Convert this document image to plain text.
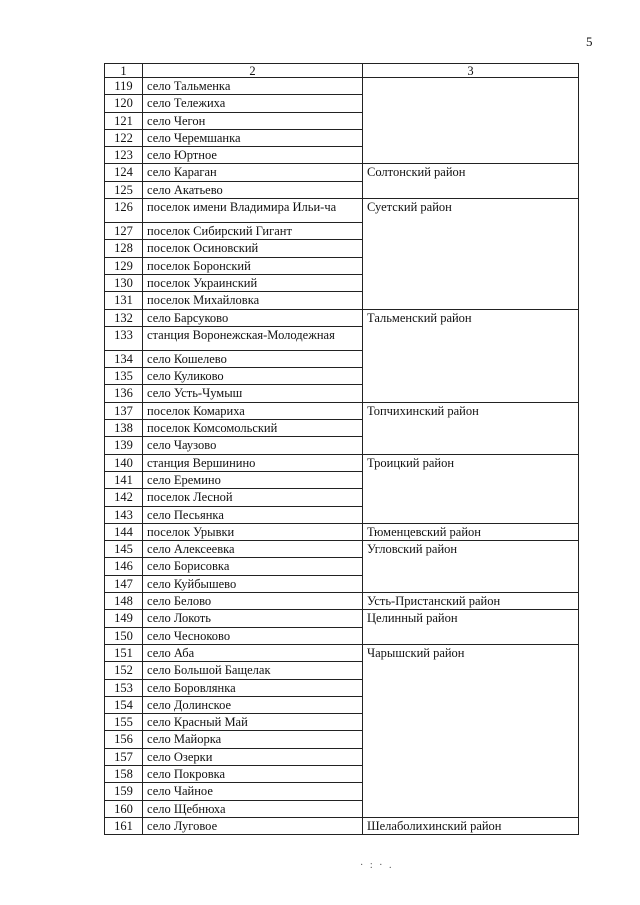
5
1	2	3
119	село Тальменка	
120	село Тележиха	
121	село Чегон	
122	село Черемшанка	
123	село Юртное	
124	село Караган	Солтонский район
125	село Акатьево	
126	поселок имени Владимира Ильи-ча	Суетский район
127	поселок Сибирский Гигант	
128	поселок Осиновский	
129	поселок Боронский	
130	поселок Украинский	
131	поселок Михайловка	
132	село Барсуково	Тальменский район
133	станция Воронежская-Молодежная	
134	село Кошелево	
135	село Куликово	
136	село Усть-Чумыш	
137	поселок Комариха	Топчихинский район
138	поселок Комсомольский	
139	село Чаузово	
140	станция Вершинино	Троицкий район
141	село Еремино	
142	поселок Лесной	
143	село Песьянка	
144	поселок Урывки	Тюменцевский район
145	село Алексеевка	Угловский район
146	село Борисовка	
147	село Куйбышево	
148	село Белово	Усть-Пристанский район
149	село Локоть	Целинный район
150	село Чесноково	
151	село Аба	Чарышский район
152	село Большой Бащелак	
153	село Боровлянка	
154	село Долинское	
155	село Красный Май	
156	село Майорка	
157	село Озерки	
158	село Покровка	
159	село Чайное	
160	село Щебнюха	
161	село Луговое	Шелаболихинский район
· : · .
